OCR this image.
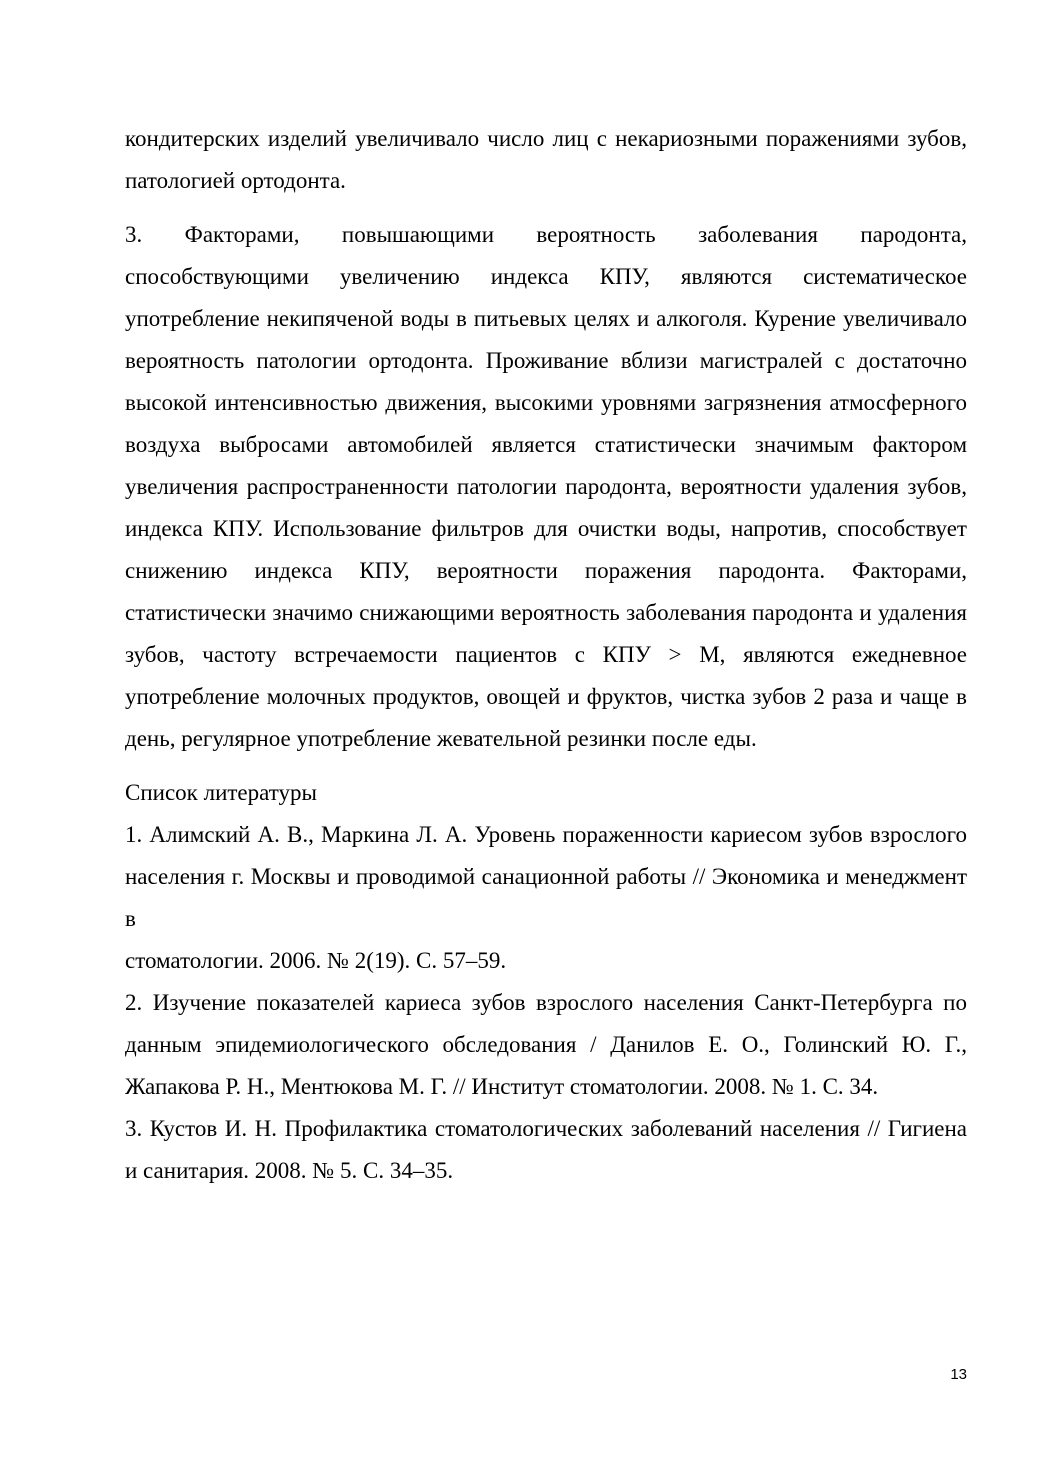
кондитерских изделий увеличивало число лиц с некариозными поражениями зубов, патологией ортодонта.

3. Факторами, повышающими вероятность заболевания пародонта, способствующими увеличению индекса КПУ, являются систематическое употребление некипяченой воды в питьевых целях и алкоголя. Курение увеличивало вероятность патологии ортодонта. Проживание вблизи магистралей с достаточно высокой интенсивностью движения, высокими уровнями загрязнения атмосферного воздуха выбросами автомобилей является статистически значимым фактором увеличения распространенности патологии пародонта, вероятности удаления зубов, индекса КПУ. Использование фильтров для очистки воды, напротив, способствует снижению индекса КПУ, вероятности поражения пародонта. Факторами, статистически значимо снижающими вероятность заболевания пародонта и удаления зубов, частоту встречаемости пациентов с КПУ > М, являются ежедневное употребление молочных продуктов, овощей и фруктов, чистка зубов 2 раза и чаще в день, регулярное употребление жевательной резинки после еды.

Список литературы

1. Алимский А. В., Маркина Л. А. Уровень пораженности кариесом зубов взрослого населения г. Москвы и проводимой санационной работы // Экономика и менеджмент в
стоматологии. 2006. № 2(19). С. 57–59.

2. Изучение показателей кариеса зубов взрослого населения Санкт-Петербурга по данным эпидемиологического обследования / Данилов Е. О., Голинский Ю. Г., Жапакова Р. Н., Ментюкова М. Г. // Институт стоматологии. 2008. № 1. С. 34.

3. Кустов И. Н. Профилактика стоматологических заболеваний населения // Гигиена и санитария. 2008. № 5. С. 34–35.

13
